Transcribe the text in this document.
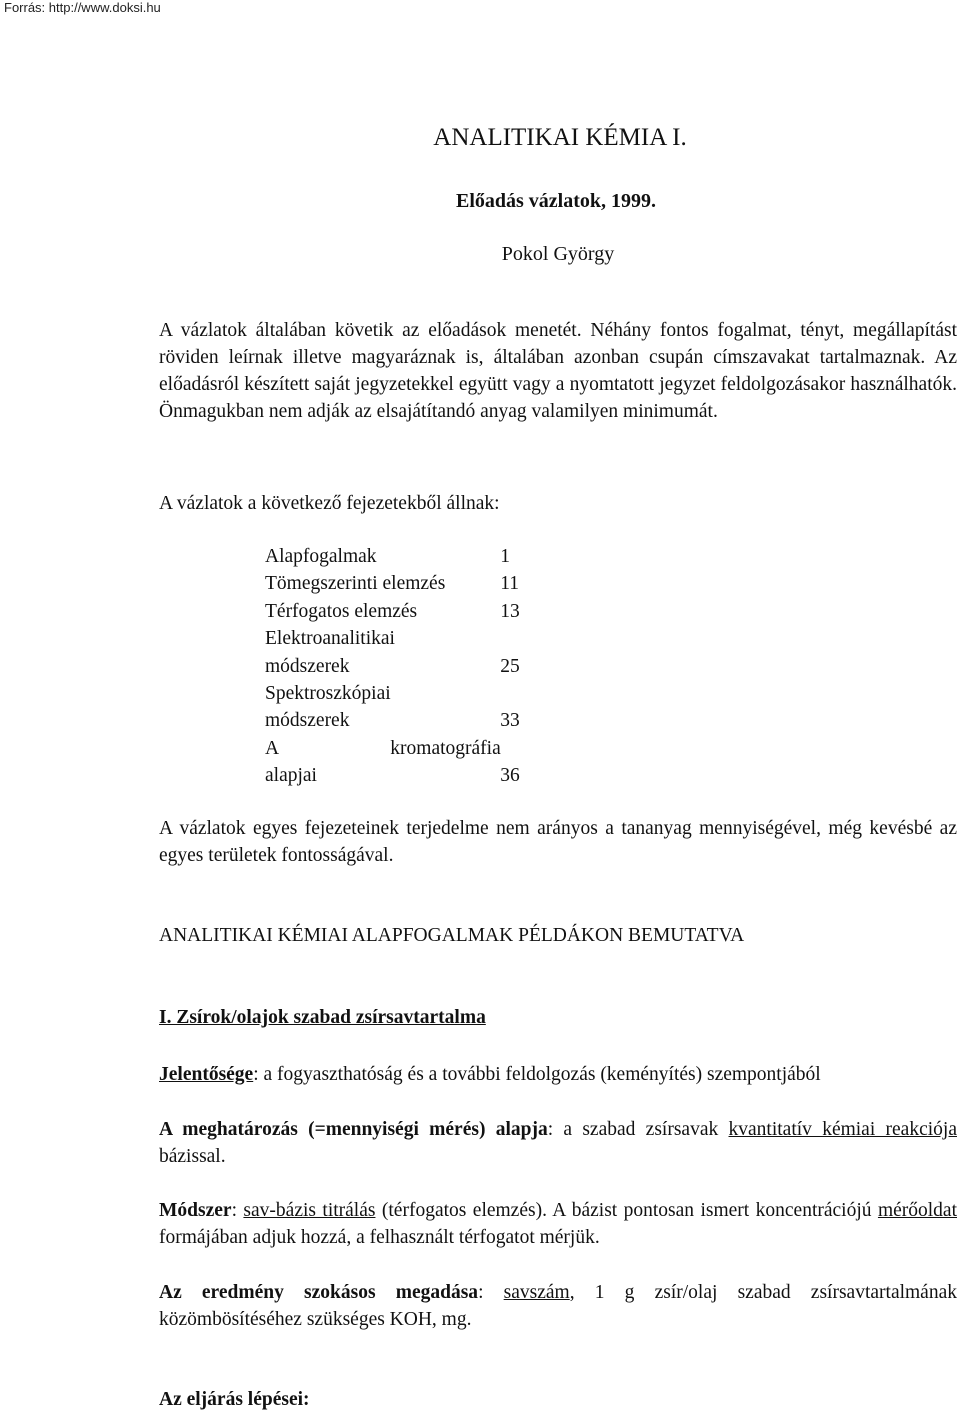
Forrás: http://www.doksi.hu
ANALITIKAI KÉMIA I.
Előadás vázlatok, 1999.
Pokol György
A vázlatok általában követik az előadások menetét. Néhány fontos fogalmat, tényt, megállapítást röviden leírnak illetve magyaráznak is, általában azonban csupán címszavakat tartalmaznak. Az előadásról készített saját jegyzetekkel együtt vagy a nyomtatott jegyzet feldolgozásakor használhatók. Önmagukban nem adják az elsajátítandó anyag valamilyen minimumát.
A vázlatok a következő fejezetekből állnak:
Alapfogalmak	1
Tömegszerinti elemzés	11
Térfogatos elemzés	13
Elektroanalitikai
módszerek	25
Spektroszkópiai
módszerek	33
A kromatográfia
alapjai	36
A vázlatok egyes fejezeteinek terjedelme nem arányos a tananyag mennyiségével, még kevésbé az egyes területek fontosságával.
ANALITIKAI KÉMIAI ALAPFOGALMAK PÉLDÁKON BEMUTATVA
I. Zsírok/olajok szabad zsírsavtartalma
Jelentősége: a fogyaszthatóság és a további feldolgozás (keményítés) szempontjából
A meghatározás (=mennyiségi mérés) alapja: a szabad zsírsavak kvantitatív kémiai reakciója bázissal.
Módszer: sav-bázis titrálás (térfogatos elemzés). A bázist pontosan ismert koncentrációjú mérőoldat formájában adjuk hozzá, a felhasznált térfogatot mérjük.
Az eredmény szokásos megadása: savszám, 1 g zsír/olaj szabad zsírsavtartalmának közömbösítéséhez szükséges KOH, mg.
Az eljárás lépései:
